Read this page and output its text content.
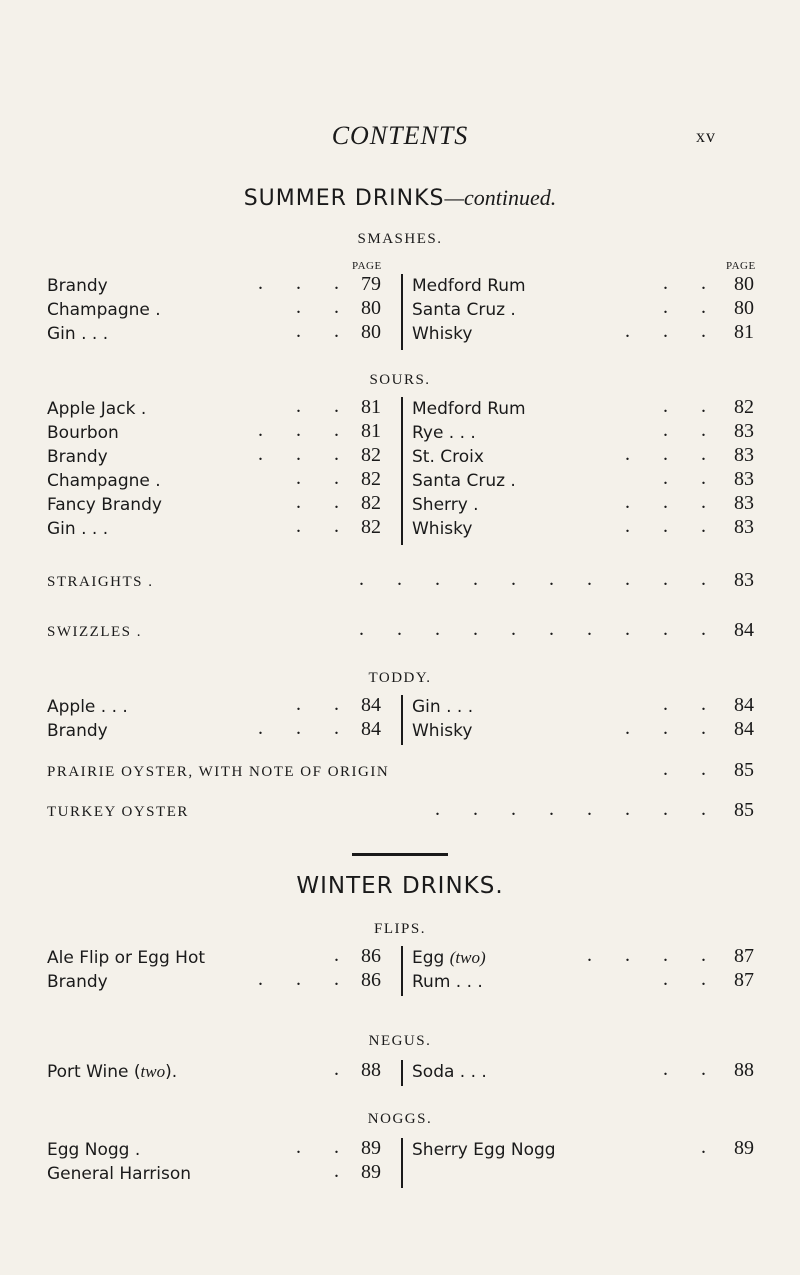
CONTENTS	xv
SUMMER DRINKS—continued.
SMASHES.
PAGE	PAGE
Brandy	. . . 79 Medford Rum	. . 80
Champagne .	. . 80 Santa Cruz .	. . 80
Gin . . .	. . 80 Whisky	. . . 81
SOURS.
Apple Jack .	. . 81 Medford Rum	. . 82
Bourbon	. . . 81 Rye . . .	. . 83
Brandy	. . . 82 St. Croix	. . . 83
Champagne .	. . 82 Santa Cruz .	. . 83
Fancy Brandy	. . 82 Sherry .	. . . 83
Gin . . .	. . 82 Whisky	. . . 83
STRAIGHTS .	. . . . . . . . . . 83
SWIZZLES .	. . . . . . . . . . 84
TODDY.
Apple . . .	. . 84 Gin . . .	. . 84
Brandy	. . . 84 Whisky	. . . 84
PRAIRIE OYSTER, WITH NOTE OF ORIGIN	. . 85
TURKEY OYSTER	. . . . . . . . 85
WINTER DRINKS.
FLIPS.
Ale Flip or Egg Hot	. 86 Egg (two)	. . . . 87
Brandy	. . . 86 Rum . . .	. . 87
NEGUS.
Port Wine (two).	. 88 Soda . . .	. . 88
NOGGS.
Egg Nogg .	. . 89 Sherry Egg Nogg	. 89
General Harrison	. 89
